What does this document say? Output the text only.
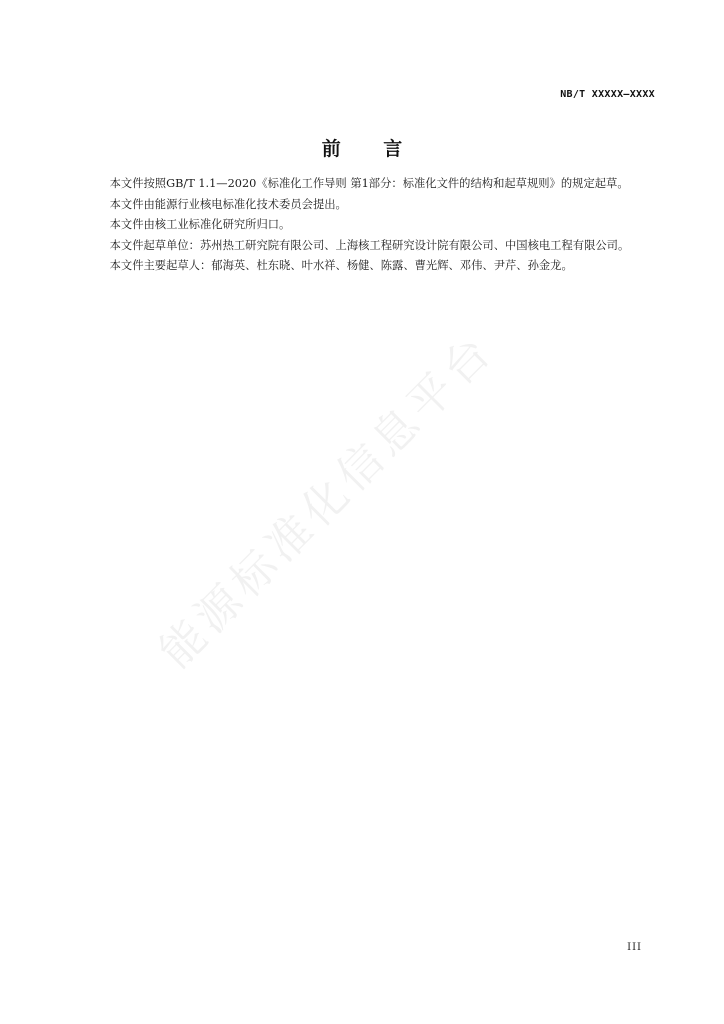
能源标准化信息平台
NB/T XXXXX—XXXX
前 言

本文件按照GB/T 1.1—2020《标准化工作导则 第1部分：标准化文件的结构和起草规则》的规定起草。

本文件由能源行业核电标准化技术委员会提出。

本文件由核工业标准化研究所归口。

本文件起草单位：苏州热工研究院有限公司、上海核工程研究设计院有限公司、中国核电工程有限公司。

本文件主要起草人：郁海英、杜东晓、叶水祥、杨健、陈露、曹光辉、邓伟、尹芹、孙金龙。

III
